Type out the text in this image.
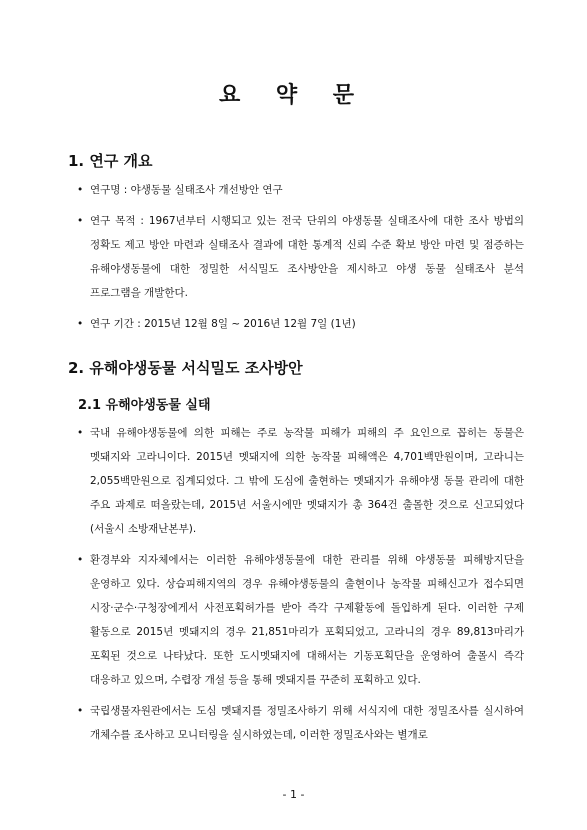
요 약 문
1. 연구 개요
• 연구명 : 야생동물 실태조사 개선방안 연구
• 연구 목적 : 1967년부터 시행되고 있는 전국 단위의 야생동물 실태조사에 대한 조사 방법의 정확도 제고 방안 마련과 실태조사 결과에 대한 통계적 신뢰 수준 확보 방안 마련 및 점증하는 유해야생동물에 대한 정밀한 서식밀도 조사방안을 제시하고 야생 동물 실태조사 분석 프로그램을 개발한다.
• 연구 기간 : 2015년 12월 8일 ~ 2016년 12월 7일 (1년)
2. 유해야생동물 서식밀도 조사방안
2.1 유해야생동물 실태
• 국내 유해야생동물에 의한 피해는 주로 농작물 피해가 피해의 주 요인으로 꼽히는 동물은 멧돼지와 고라니이다. 2015년 멧돼지에 의한 농작물 피해액은 4,701백만원이며, 고라니는 2,055백만원으로 집계되었다. 그 밖에 도심에 출현하는 멧돼지가 유해야생 동물 관리에 대한 주요 과제로 떠올랐는데, 2015년 서울시에만 멧돼지가 총 364건 출몰한 것으로 신고되었다(서울시 소방재난본부).
• 환경부와 지자체에서는 이러한 유해야생동물에 대한 관리를 위해 야생동물 피해방지단을 운영하고 있다. 상습피해지역의 경우 유해야생동물의 출현이나 농작물 피해신고가 접수되면 시장·군수·구청장에게서 사전포획허가를 받아 즉각 구제활동에 돌입하게 된다. 이러한 구제 활동으로 2015년 멧돼지의 경우 21,851마리가 포획되었고, 고라니의 경우 89,813마리가 포획된 것으로 나타났다. 또한 도시멧돼지에 대해서는 기동포획단을 운영하여 출몰시 즉각 대응하고 있으며, 수렵장 개설 등을 통해 멧돼지를 꾸준히 포획하고 있다.
• 국립생물자원관에서는 도심 멧돼지를 정밀조사하기 위해 서식지에 대한 정밀조사를 실시하여 개체수를 조사하고 모니터링을 실시하였는데, 이러한 정밀조사와는 별개로
- 1 -
